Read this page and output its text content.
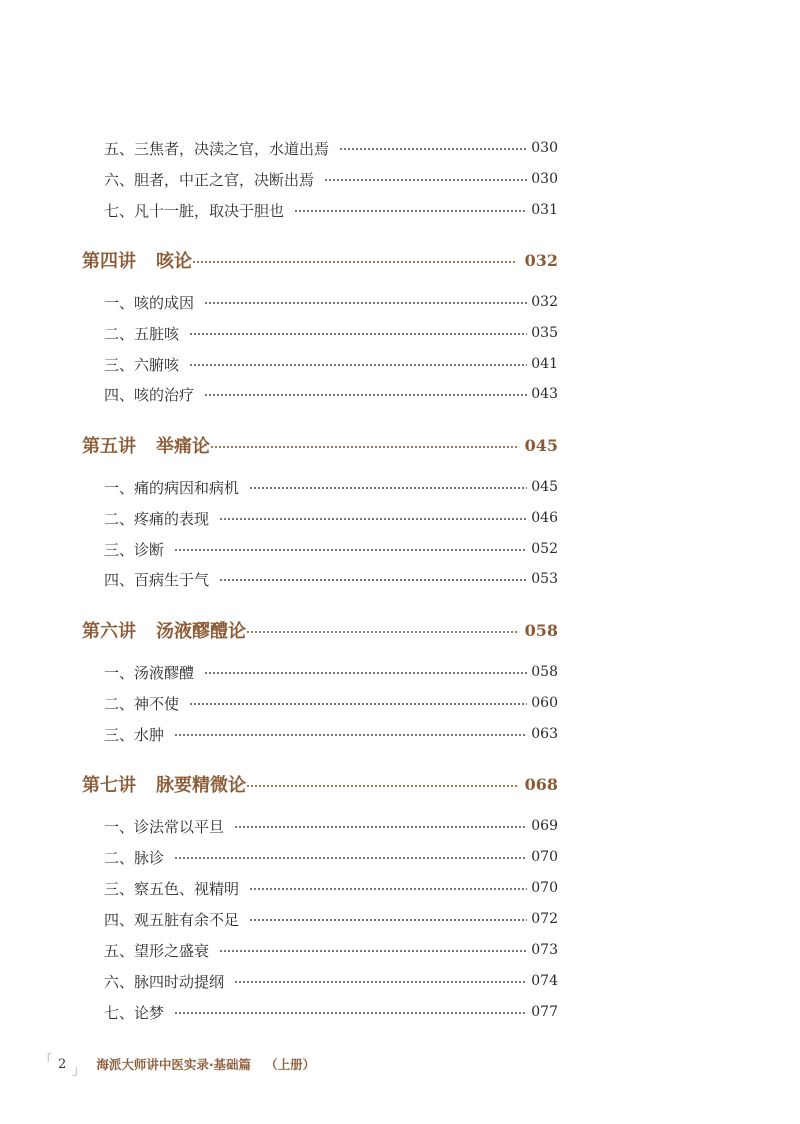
五、三焦者，决渎之官，水道出焉	030
六、胆者，中正之官，决断出焉	030
七、凡十一脏，取决于胆也	031
第四讲 咳论	032
一、咳的成因	032
二、五脏咳	035
三、六腑咳	041
四、咳的治疗	043
第五讲 举痛论	045
一、痛的病因和病机	045
二、疼痛的表现	046
三、诊断	052
四、百病生于气	053
第六讲 汤液醪醴论	058
一、汤液醪醴	058
二、神不使	060
三、水肿	063
第七讲 脉要精微论	068
一、诊法常以平旦	069
二、脉诊	070
三、察五色、视精明	070
四、观五脏有余不足	072
五、望形之盛衰	073
六、脉四时动提纲	074
七、论梦	077
「 2 」 海派大师讲中医实录·基础篇 （上册）
